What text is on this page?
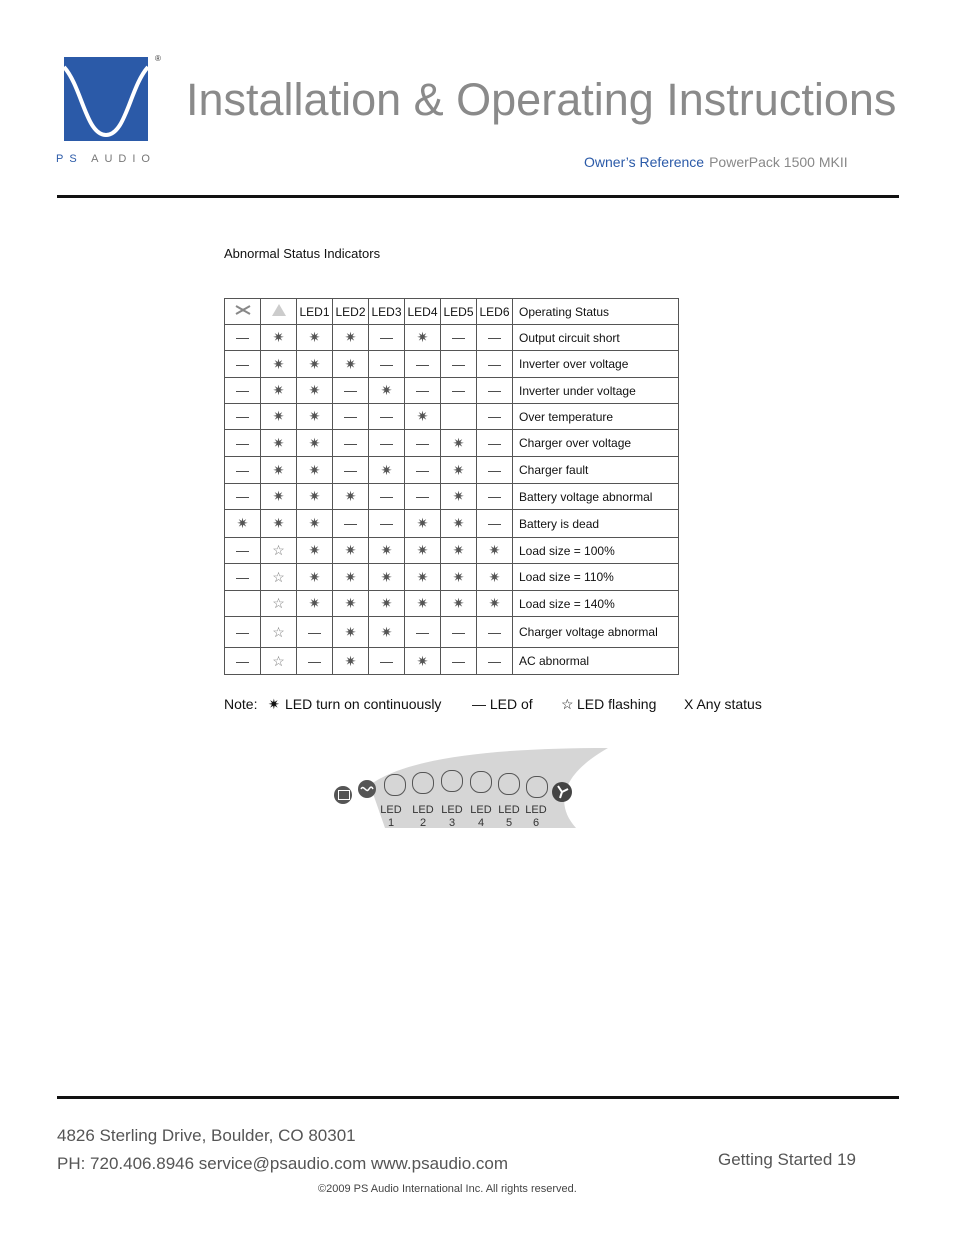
®
PS AUDIO
Installation & Operating Instructions
Owner’s Reference PowerPack 1500 MKII
Abnormal Status Indicators
		LED1	LED2	LED3	LED4	LED5	LED6	Operating Status
—	✷	✷	✷	—	✷	—	—	Output circuit short
—	✷	✷	✷	—	—	—	—	Inverter over voltage
—	✷	✷	—	✷	—	—	—	Inverter under voltage
—	✷	✷	—	—	✷		—	Over temperature
—	✷	✷	—	—	—	✷	—	Charger over voltage
—	✷	✷	—	✷	—	✷	—	Charger fault
—	✷	✷	✷	—	—	✷	—	Battery voltage abnormal
✷	✷	✷	—	—	✷	✷	—	Battery is dead
—	☆	✷	✷	✷	✷	✷	✷	Load size = 100%
—	☆	✷	✷	✷	✷	✷	✷	Load size = 110%
	☆	✷	✷	✷	✷	✷	✷	Load size = 140%
—	☆	—	✷	✷	—	—	—	Charger voltage abnormal
—	☆	—	✷	—	✷	—	—	AC abnormal
Note: ✷ LED turn on continuously — LED of ☆ LED flashing X Any status
LED
1
LED
2
LED
3
LED
4
LED
5
LED
6
4826 Sterling Drive, Boulder, CO 80301
PH: 720.406.8946 service@psaudio.com www.psaudio.com	Getting Started 19
©2009 PS Audio International Inc. All rights reserved.
